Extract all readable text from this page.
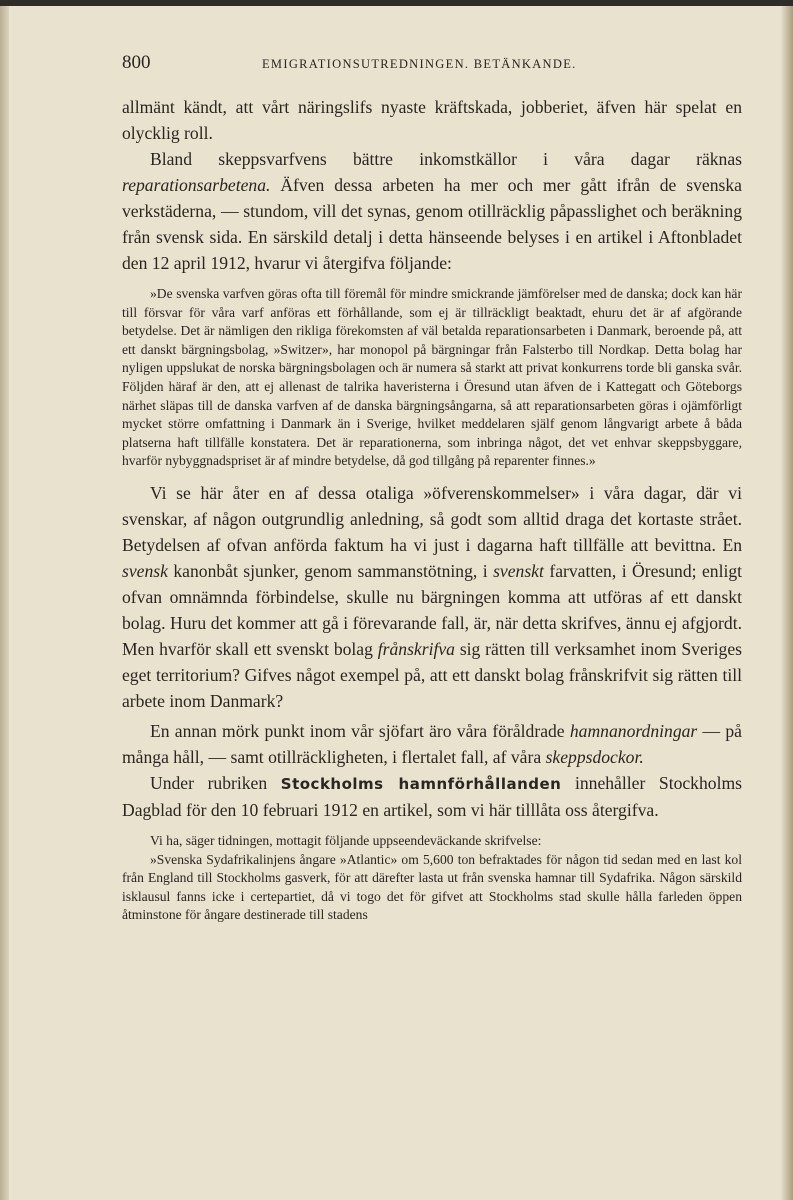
800	EMIGRATIONSUTREDNINGEN. BETÄNKANDE.

allmänt kändt, att vårt näringslifs nyaste kräftskada, jobberiet, äfven här spelat en olycklig roll.

Bland skeppsvarfvens bättre inkomstkällor i våra dagar räknas reparationsarbetena. Äfven dessa arbeten ha mer och mer gått ifrån de svenska verkstäderna, — stundom, vill det synas, genom otillräcklig påpasslighet och beräkning från svensk sida. En särskild detalj i detta hänseende belyses i en artikel i Aftonbladet den 12 april 1912, hvarur vi återgifva följande:

»De svenska varfven göras ofta till föremål för mindre smickrande jämförelser med de danska; dock kan här till försvar för våra varf anföras ett förhållande, som ej är tillräckligt beaktadt, ehuru det är af afgörande betydelse. Det är nämligen den rikliga förekomsten af väl betalda reparationsarbeten i Danmark, beroende på, att ett danskt bärgningsbolag, »Switzer», har monopol på bärgningar från Falsterbo till Nordkap. Detta bolag har nyligen uppslukat de norska bärgningsbolagen och är numera så starkt att privat konkurrens torde bli ganska svår. Följden häraf är den, att ej allenast de talrika haveristerna i Öresund utan äfven de i Kattegatt och Göteborgs närhet släpas till de danska varfven af de danska bärgningsångarna, så att reparationsarbeten göras i ojämförligt mycket större omfattning i Danmark än i Sverige, hvilket meddelaren själf genom långvarigt arbete å båda platserna haft tillfälle konstatera. Det är reparationerna, som inbringa något, det vet enhvar skeppsbyggare, hvarför nybyggnadspriset är af mindre betydelse, då god tillgång på reparenter finnes.»

Vi se här åter en af dessa otaliga »öfverenskommelser» i våra dagar, där vi svenskar, af någon outgrundlig anledning, så godt som alltid draga det kortaste strået. Betydelsen af ofvan anförda faktum ha vi just i dagarna haft tillfälle att bevittna. En svensk kanonbåt sjunker, genom sammanstötning, i svenskt farvatten, i Öresund; enligt ofvan omnämnda förbindelse, skulle nu bärgningen komma att utföras af ett danskt bolag. Huru det kommer att gå i förevarande fall, är, när detta skrifves, ännu ej afgjordt. Men hvarför skall ett svenskt bolag frånskrifva sig rätten till verksamhet inom Sveriges eget territorium? Gifves något exempel på, att ett danskt bolag frånskrifvit sig rätten till arbete inom Danmark?

En annan mörk punkt inom vår sjöfart äro våra föråldrade hamnanordningar — på många håll, — samt otillräckligheten, i flertalet fall, af våra skeppsdockor.

Under rubriken Stockholms hamnförhållanden innehåller Stockholms Dagblad för den 10 februari 1912 en artikel, som vi här tilllåta oss återgifva.

Vi ha, säger tidningen, mottagit följande uppseendeväckande skrifvelse:

»Svenska Sydafrikalinjens ångare »Atlantic» om 5,600 ton befraktades för någon tid sedan med en last kol från England till Stockholms gasverk, för att därefter lasta ut från svenska hamnar till Sydafrika. Någon särskild isklausul fanns icke i certepartiet, då vi togo det för gifvet att Stockholms stad skulle hålla farleden öppen åtminstone för ångare destinerade till stadens
